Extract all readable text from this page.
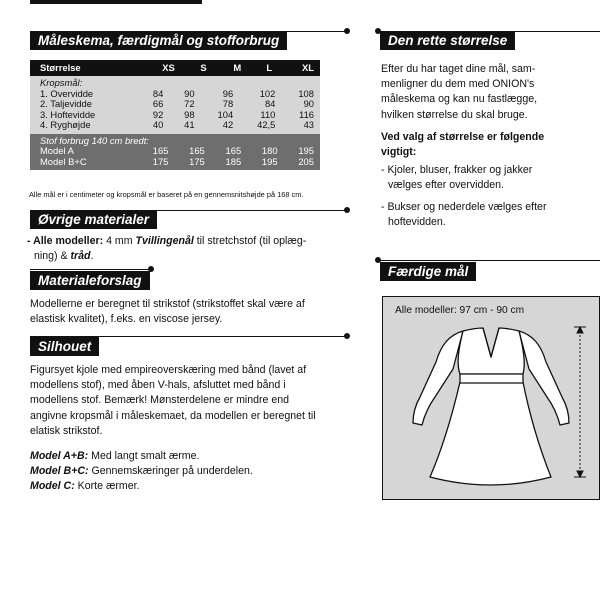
Måleskema, færdigmål og stofforbrug
Størrelse	XS	S	M	L	XL
Kropsmål:					
1. Overvidde	84	90	96	102	108
2. Taljevidde	66	72	78	84	90
3. Hoftevidde	92	98	104	110	116
4. Ryghøjde	40	41	42	42,5	43
Stof forbrug 140 cm bredt:					
Model A	165	165	165	180	195
Model B+C	175	175	185	195	205
Alle mål er i centimeter og kropsmål er baseret på en gennemsnitshøjde på 168 cm.
Øvrige materialer
- Alle modeller: 4 mm Tvillingenål til stretchstof (til oplæg-
ning) & tråd.
Materialeforslag
Modellerne er beregnet til strikstof (strikstoffet skal være af
elastisk kvalitet), f.eks. en viscose jersey.
Silhouet
Figursyet kjole med empireoverskæring med bånd (lavet af
modellens stof), med åben V-hals, afsluttet med bånd i
modellens stof. Bemærk! Mønsterdelene er mindre end
angivne kropsmål i måleskemaet, da modellen er beregnet til
elatisk strikstof.
Model A+B: Med langt smalt ærme.
Model B+C: Gennemskæringer på underdelen.
Model C: Korte ærmer.
Den rette størrelse
Efter du har taget dine mål, sam-
menligner du dem med ONION's
måleskema og kan nu fastlægge,
hvilken størrelse du skal bruge.
Ved valg af størrelse er følgende
vigtigt:
- Kjoler, bluser, frakker og jakker
vælges efter overvidden.
- Bukser og nederdele vælges efter
hoftevidden.
Færdige mål
Alle modeller: 97 cm - 90 cm
